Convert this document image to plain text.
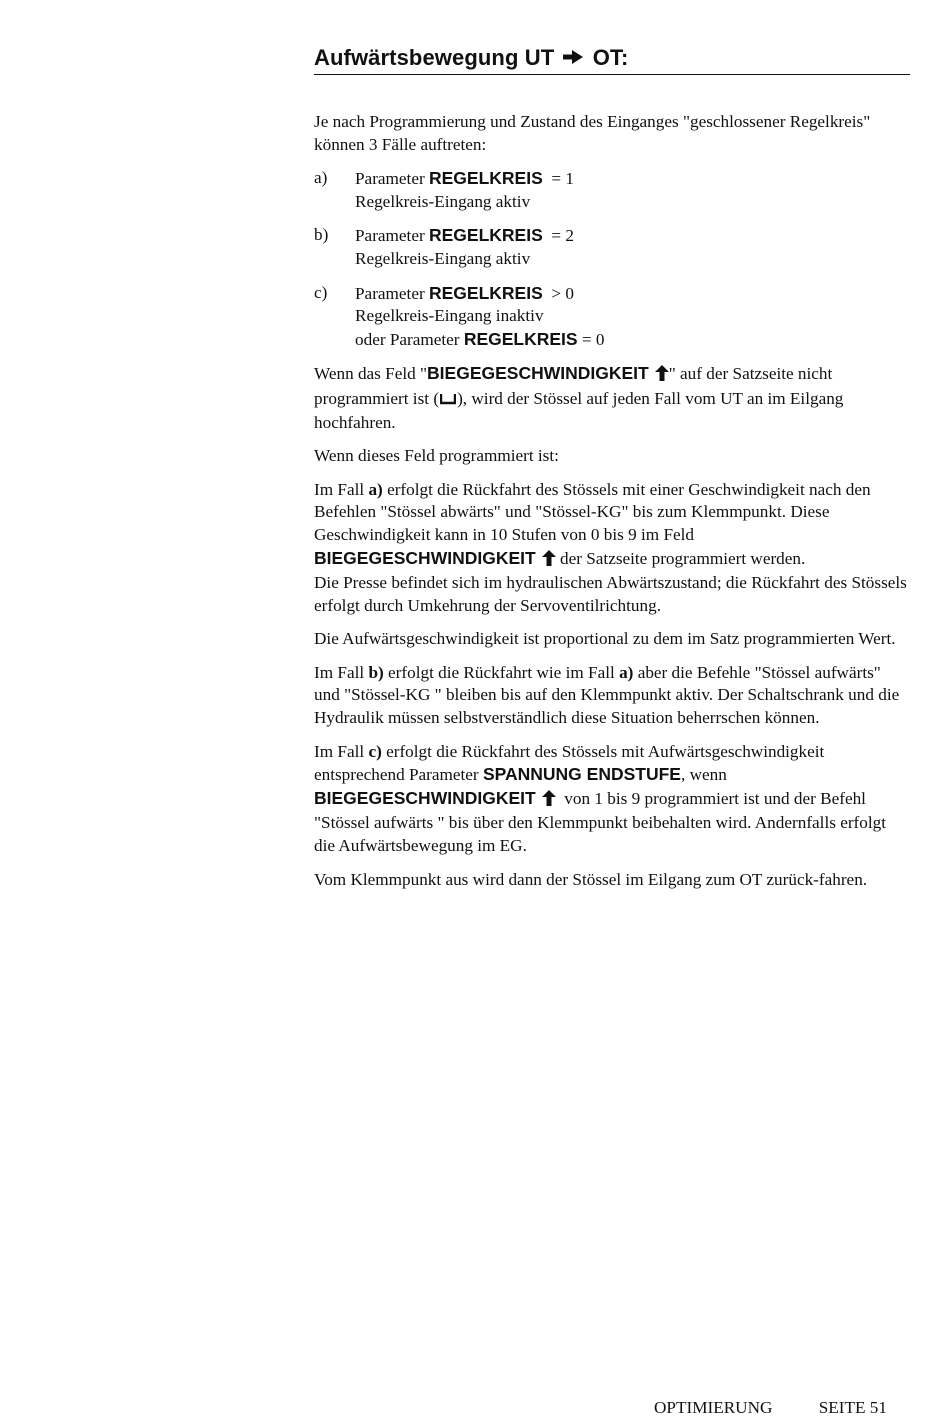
Aufwärtsbewegung UT OT:

Je nach Programmierung und Zustand des Einganges "geschlossener Regelkreis" können 3 Fälle auftreten:

a)	Parameter REGELKREIS = 1
Regelkreis-Eingang aktiv
b)	Parameter REGELKREIS = 2
Regelkreis-Eingang aktiv
c)	Parameter REGELKREIS > 0
Regelkreis-Eingang inaktiv
oder Parameter REGELKREIS = 0

Wenn das Feld "BIEGEGESCHWINDIGKEIT " auf der Satzseite nicht programmiert ist ( ), wird der Stössel auf jeden Fall vom UT an im Eilgang hochfahren.

Wenn dieses Feld programmiert ist:

Im Fall a) erfolgt die Rückfahrt des Stössels mit einer Geschwindigkeit nach den Befehlen "Stössel abwärts" und "Stössel-KG" bis zum Klemmpunkt. Diese Geschwindigkeit kann in 10 Stufen von 0 bis 9 im Feld
BIEGEGESCHWINDIGKEIT der Satzseite programmiert werden.
Die Presse befindet sich im hydraulischen Abwärtszustand; die Rückfahrt des Stössels erfolgt durch Umkehrung der Servoventilrichtung.

Die Aufwärtsgeschwindigkeit ist proportional zu dem im Satz programmierten Wert.

Im Fall b) erfolgt die Rückfahrt wie im Fall a) aber die Befehle "Stössel aufwärts" und "Stössel-KG " bleiben bis auf den Klemmpunkt aktiv. Der Schaltschrank und die Hydraulik müssen selbstverständlich diese Situation beherrschen können.

Im Fall c) erfolgt die Rückfahrt des Stössels mit Aufwärtsgeschwindigkeit entsprechend Parameter SPANNUNG ENDSTUFE, wenn
BIEGEGESCHWINDIGKEIT  von 1 bis 9 programmiert ist und der Befehl "Stössel aufwärts " bis über den Klemmpunkt beibehalten wird. Andernfalls erfolgt die Aufwärtsbewegung im EG.

Vom Klemmpunkt aus wird dann der Stössel im Eilgang zum OT zurück-fahren.

OPTIMIERUNG	SEITE 51
